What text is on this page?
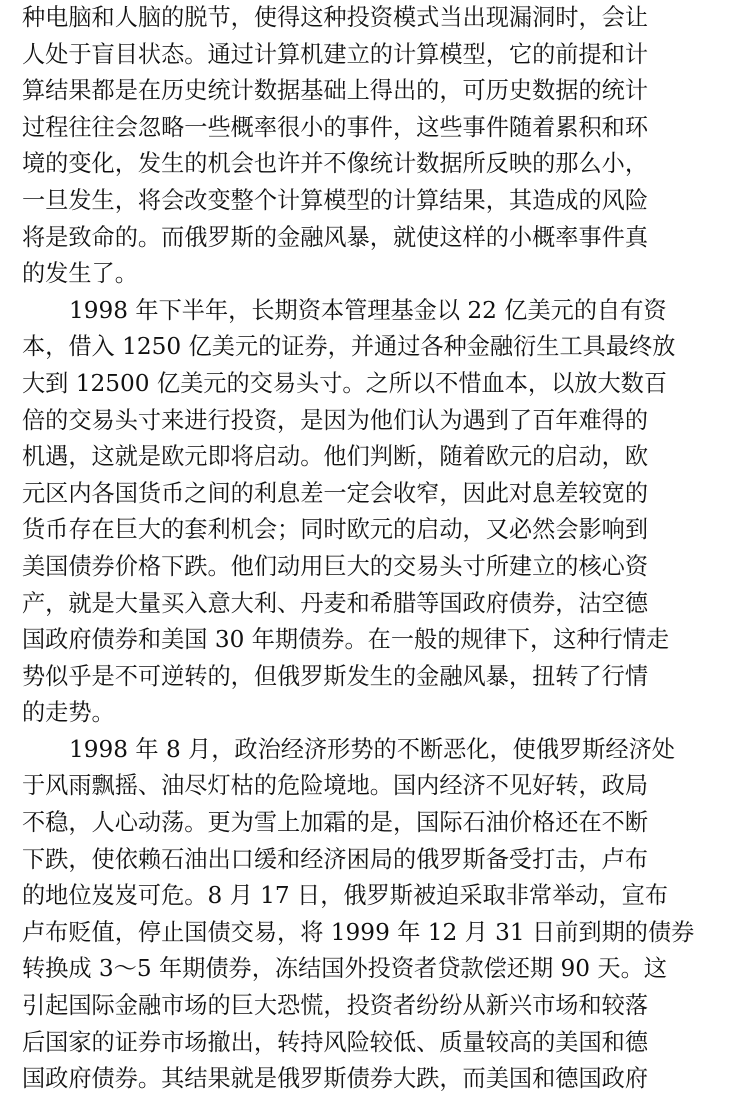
种电脑和人脑的脱节，使得这种投资模式当出现漏洞时，会让
人处于盲目状态。通过计算机建立的计算模型，它的前提和计
算结果都是在历史统计数据基础上得出的，可历史数据的统计
过程往往会忽略一些概率很小的事件，这些事件随着累积和环
境的变化，发生的机会也许并不像统计数据所反映的那么小，
一旦发生，将会改变整个计算模型的计算结果，其造成的风险
将是致命的。而俄罗斯的金融风暴，就使这样的小概率事件真
的发生了。
1998 年下半年，长期资本管理基金以 22 亿美元的自有资
本，借入 1250 亿美元的证券，并通过各种金融衍生工具最终放
大到 12500 亿美元的交易头寸。之所以不惜血本，以放大数百
倍的交易头寸来进行投资，是因为他们认为遇到了百年难得的
机遇，这就是欧元即将启动。他们判断，随着欧元的启动，欧
元区内各国货币之间的利息差一定会收窄，因此对息差较宽的
货币存在巨大的套利机会；同时欧元的启动，又必然会影响到
美国债券价格下跌。他们动用巨大的交易头寸所建立的核心资
产，就是大量买入意大利、丹麦和希腊等国政府债券，沽空德
国政府债券和美国 30 年期债券。在一般的规律下，这种行情走
势似乎是不可逆转的，但俄罗斯发生的金融风暴，扭转了行情
的走势。
1998 年 8 月，政治经济形势的不断恶化，使俄罗斯经济处
于风雨飘摇、油尽灯枯的危险境地。国内经济不见好转，政局
不稳，人心动荡。更为雪上加霜的是，国际石油价格还在不断
下跌，使依赖石油出口缓和经济困局的俄罗斯备受打击，卢布
的地位岌岌可危。8 月 17 日，俄罗斯被迫采取非常举动，宣布
卢布贬值，停止国债交易，将 1999 年 12 月 31 日前到期的债券
转换成 3～5 年期债券，冻结国外投资者贷款偿还期 90 天。这
引起国际金融市场的巨大恐慌，投资者纷纷从新兴市场和较落
后国家的证券市场撤出，转持风险较低、质量较高的美国和德
国政府债券。其结果就是俄罗斯债券大跌，而美国和德国政府
